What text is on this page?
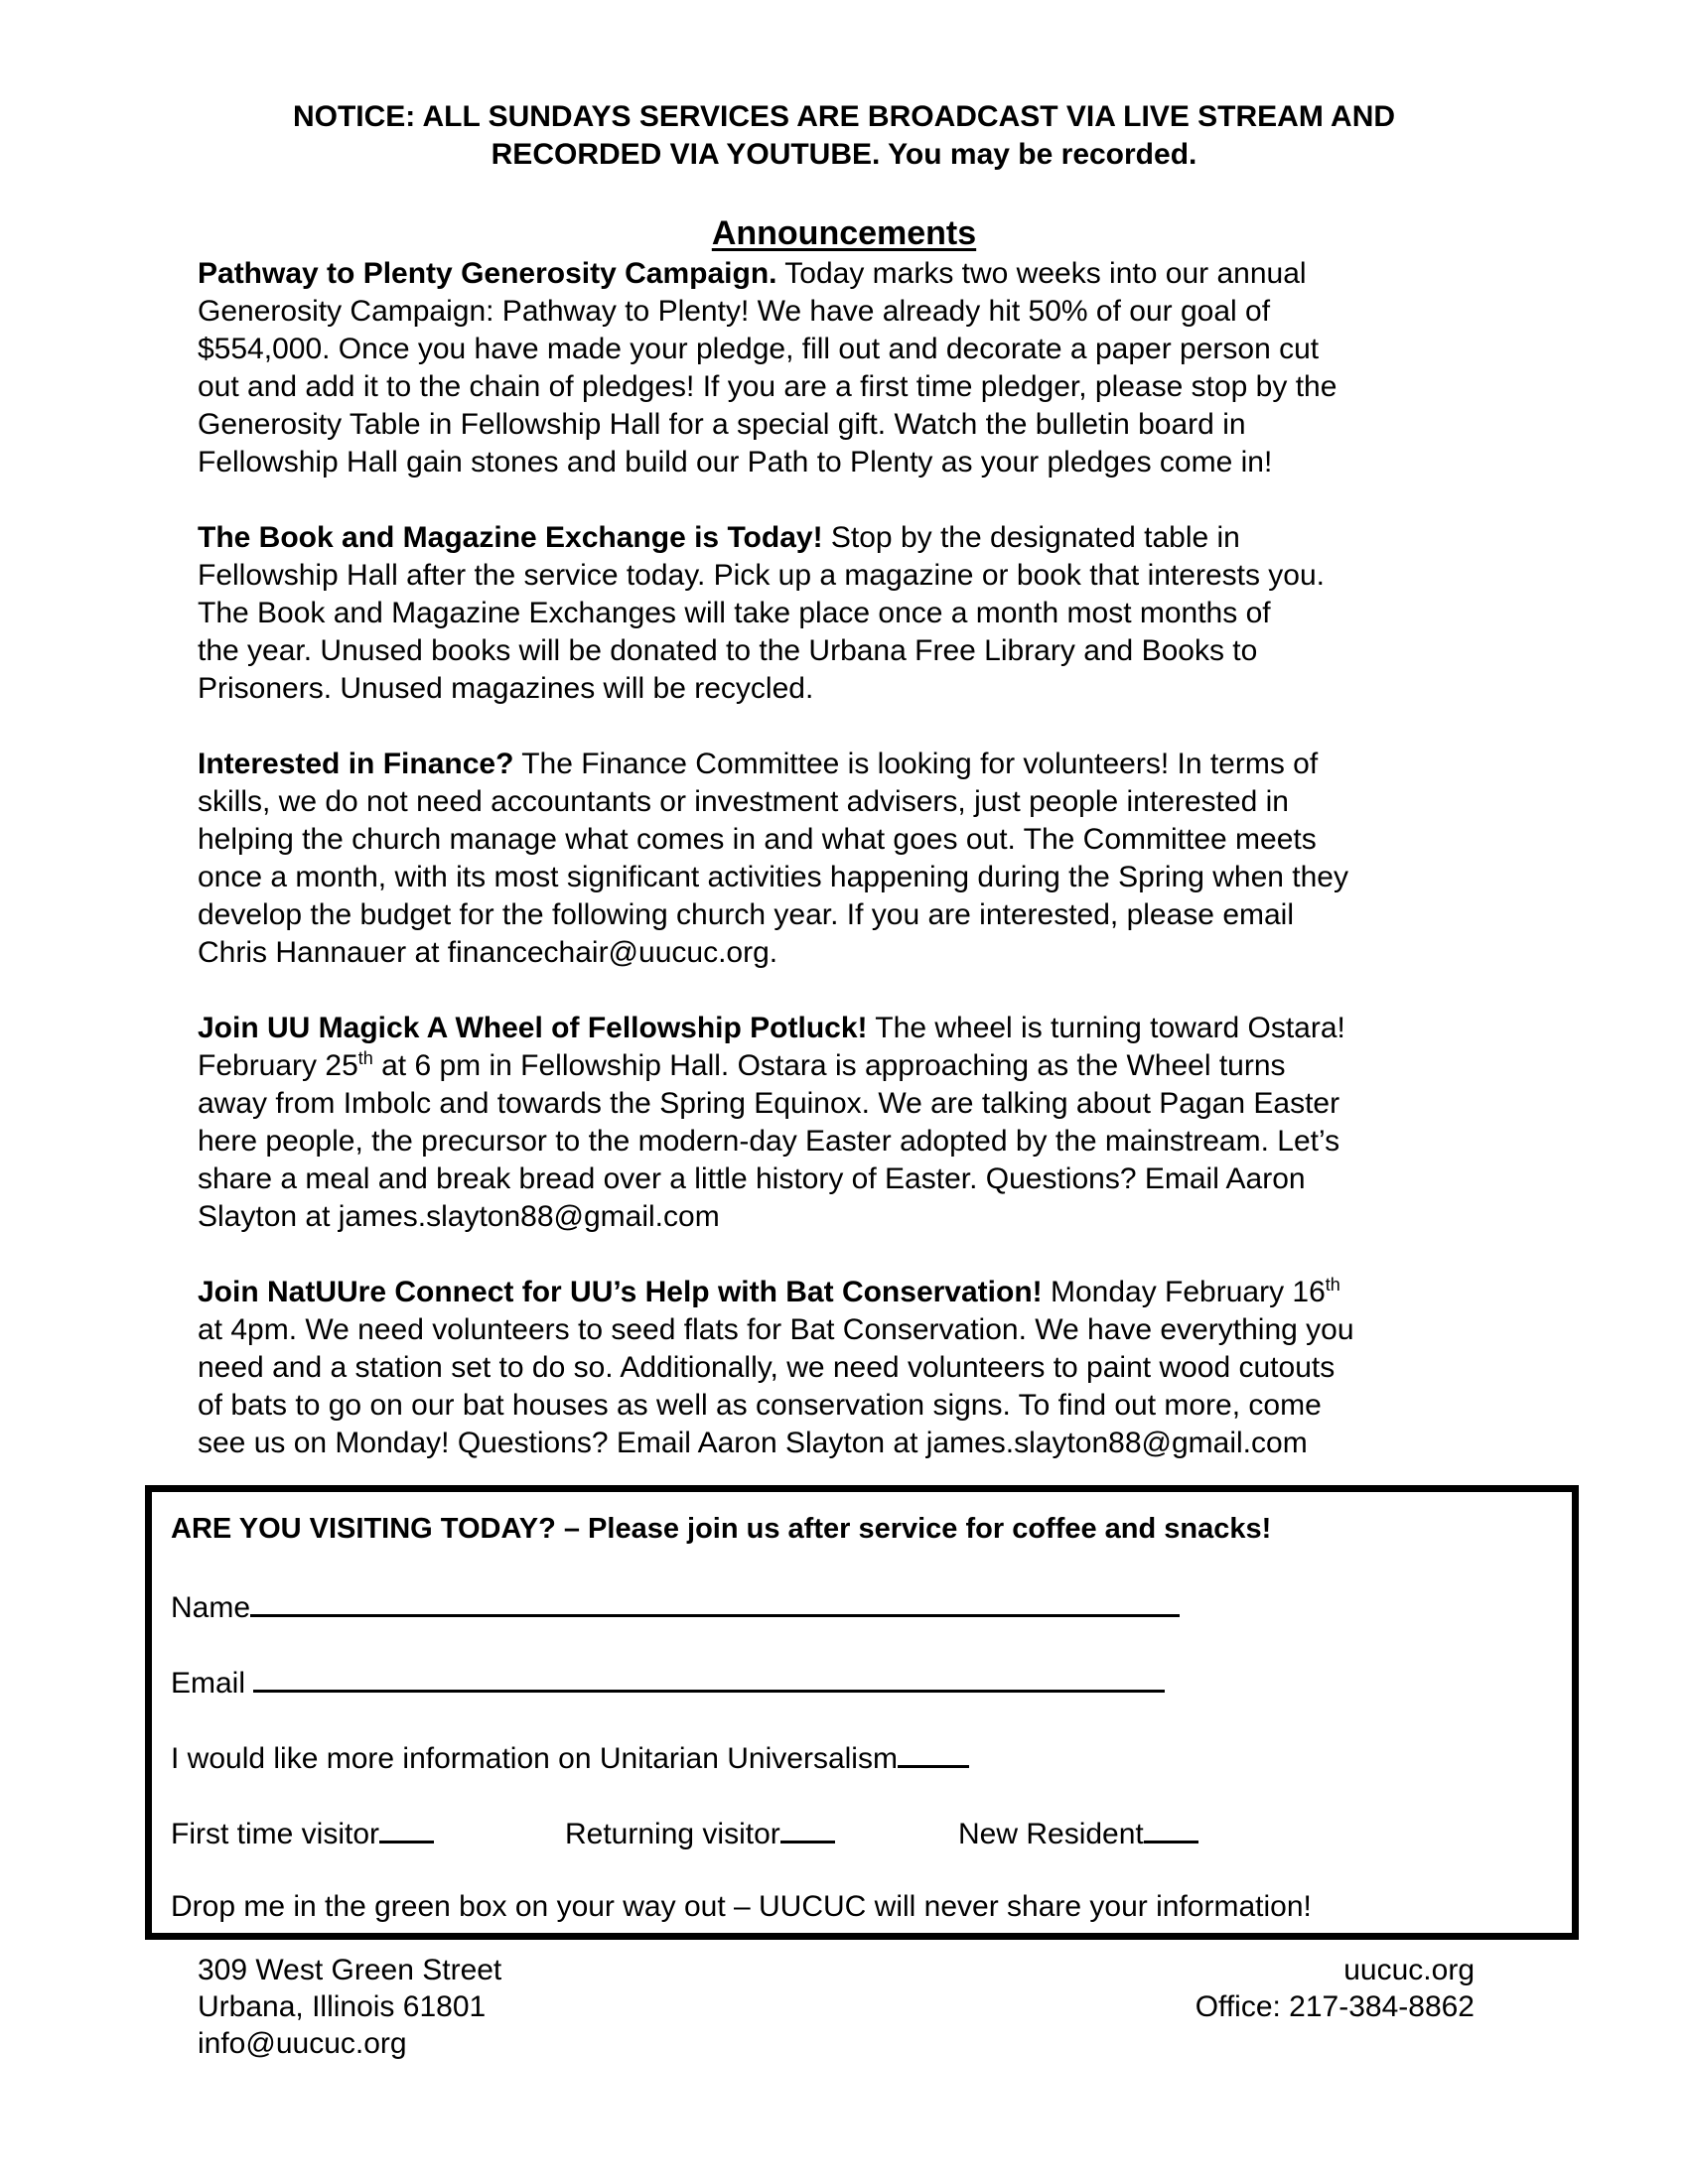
NOTICE: ALL SUNDAYS SERVICES ARE BROADCAST VIA LIVE STREAM AND
RECORDED VIA YOUTUBE. You may be recorded.
Announcements
Pathway to Plenty Generosity Campaign. Today marks two weeks into our annual
Generosity Campaign: Pathway to Plenty! We have already hit 50% of our goal of
$554,000. Once you have made your pledge, fill out and decorate a paper person cut
out and add it to the chain of pledges! If you are a first time pledger, please stop by the
Generosity Table in Fellowship Hall for a special gift. Watch the bulletin board in
Fellowship Hall gain stones and build our Path to Plenty as your pledges come in!
The Book and Magazine Exchange is Today! Stop by the designated table in
Fellowship Hall after the service today. Pick up a magazine or book that interests you.
The Book and Magazine Exchanges will take place once a month most months of
the year. Unused books will be donated to the Urbana Free Library and Books to
Prisoners. Unused magazines will be recycled.
Interested in Finance? The Finance Committee is looking for volunteers! In terms of
skills, we do not need accountants or investment advisers, just people interested in
helping the church manage what comes in and what goes out. The Committee meets
once a month, with its most significant activities happening during the Spring when they
develop the budget for the following church year. If you are interested, please email
Chris Hannauer at financechair@uucuc.org.
Join UU Magick A Wheel of Fellowship Potluck! The wheel is turning toward Ostara!
February 25th at 6 pm in Fellowship Hall. Ostara is approaching as the Wheel turns
away from Imbolc and towards the Spring Equinox. We are talking about Pagan Easter
here people, the precursor to the modern-day Easter adopted by the mainstream. Let’s
share a meal and break bread over a little history of Easter. Questions? Email Aaron
Slayton at james.slayton88@gmail.com
Join NatUUre Connect for UU’s Help with Bat Conservation! Monday February 16th
at 4pm. We need volunteers to seed flats for Bat Conservation. We have everything you
need and a station set to do so. Additionally, we need volunteers to paint wood cutouts
of bats to go on our bat houses as well as conservation signs. To find out more, come
see us on Monday! Questions? Email Aaron Slayton at james.slayton88@gmail.com
ARE YOU VISITING TODAY? – Please join us after service for coffee and snacks!
Name
Email
I would like more information on Unitarian Universalism
First time visitor	Returning visitor	New Resident
Drop me in the green box on your way out – UUCUC will never share your information!
309 West Green Street
Urbana, Illinois 61801
info@uucuc.org
uucuc.org
Office: 217-384-8862
